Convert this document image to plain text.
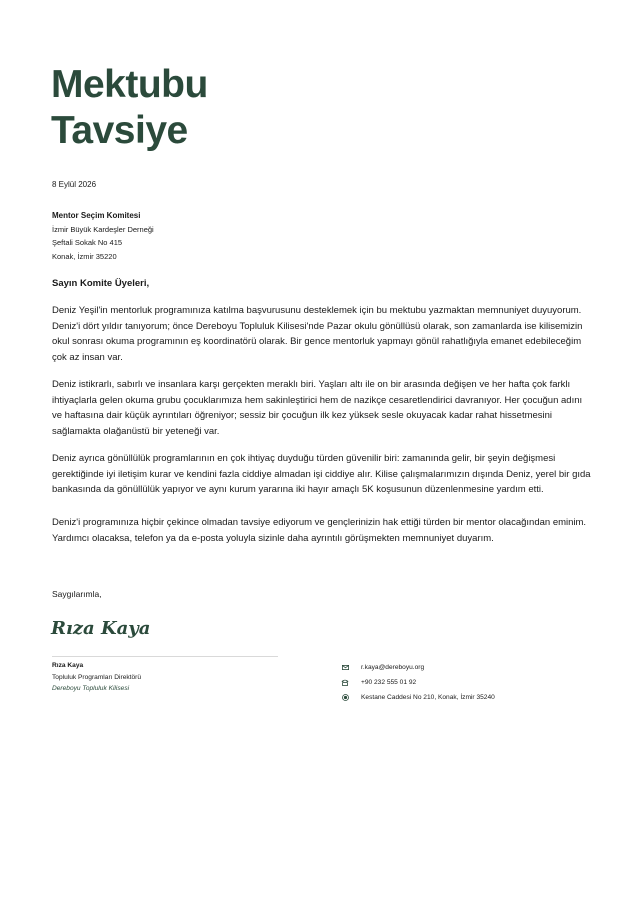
Mektubu
Tavsiye
8 Eylül 2026
Mentor Seçim Komitesi
İzmir Büyük Kardeşler Derneği
Şeftali Sokak No 415
Konak, İzmir 35220
Sayın Komite Üyeleri,

Deniz Yeşil'in mentorluk programınıza katılma başvurusunu desteklemek için bu mektubu yazmaktan memnuniyet duyuyorum. Deniz'i dört yıldır tanıyorum; önce Dereboyu Topluluk Kilisesi'nde Pazar okulu gönüllüsü olarak, son zamanlarda ise kilisemizin okul sonrası okuma programının eş koordinatörü olarak. Bir gence mentorluk yapmayı gönül rahatlığıyla emanet edebileceğim çok az insan var.

Deniz istikrarlı, sabırlı ve insanlara karşı gerçekten meraklı biri. Yaşları altı ile on bir arasında değişen ve her hafta çok farklı ihtiyaçlarla gelen okuma grubu çocuklarımıza hem sakinleştirici hem de nazikçe cesaretlendirici davranıyor. Her çocuğun adını ve haftasına dair küçük ayrıntıları öğreniyor; sessiz bir çocuğun ilk kez yüksek sesle okuyacak kadar rahat hissetmesini sağlamakta olağanüstü bir yeteneği var.

Deniz ayrıca gönüllülük programlarının en çok ihtiyaç duyduğu türden güvenilir biri: zamanında gelir, bir şeyin değişmesi gerektiğinde iyi iletişim kurar ve kendini fazla ciddiye almadan işi ciddiye alır. Kilise çalışmalarımızın dışında Deniz, yerel bir gıda bankasında da gönüllülük yapıyor ve aynı kurum yararına iki hayır amaçlı 5K koşusunun düzenlenmesine yardım etti.

Deniz'i programınıza hiçbir çekince olmadan tavsiye ediyorum ve gençlerinizin hak ettiği türden bir mentor olacağından eminim. Yardımcı olacaksa, telefon ya da e-posta yoluyla sizinle daha ayrıntılı görüşmekten memnuniyet duyarım.

Saygılarımla,
Rıza Kaya
Rıza Kaya
Topluluk Programları Direktörü
Dereboyu Topluluk Kilisesi
r.kaya@dereboyu.org
+90 232 555 01 92
Kestane Caddesi No 210, Konak, İzmir 35240
